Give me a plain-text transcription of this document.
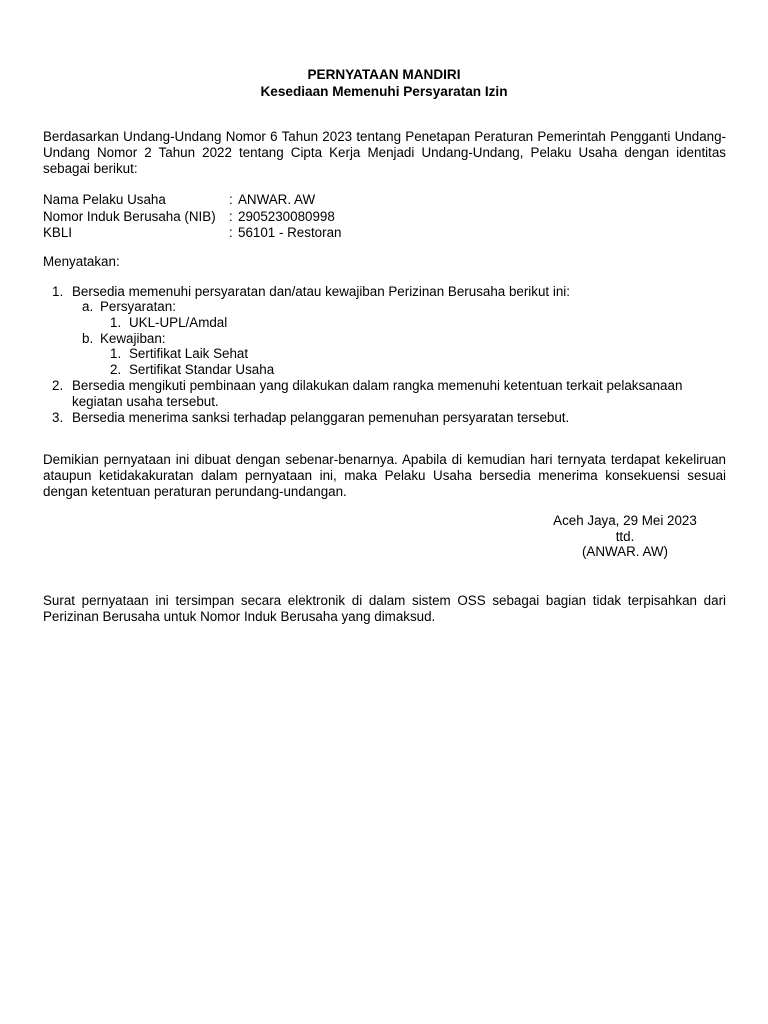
PERNYATAAN MANDIRI
Kesediaan Memenuhi Persyaratan Izin
Berdasarkan Undang-Undang Nomor 6 Tahun 2023 tentang Penetapan Peraturan Pemerintah Pengganti Undang-Undang Nomor 2 Tahun 2022 tentang Cipta Kerja Menjadi Undang-Undang, Pelaku Usaha dengan identitas sebagai berikut:
Nama Pelaku Usaha	: ANWAR. AW
Nomor Induk Berusaha (NIB) : 2905230080998
KBLI	: 56101 - Restoran
Menyatakan:
1. Bersedia memenuhi persyaratan dan/atau kewajiban Perizinan Berusaha berikut ini:
a. Persyaratan:
1. UKL-UPL/Amdal
b. Kewajiban:
1. Sertifikat Laik Sehat
2. Sertifikat Standar Usaha
2. Bersedia mengikuti pembinaan yang dilakukan dalam rangka memenuhi ketentuan terkait pelaksanaan
kegiatan usaha tersebut.
3. Bersedia menerima sanksi terhadap pelanggaran pemenuhan persyaratan tersebut.
Demikian pernyataan ini dibuat dengan sebenar-benarnya. Apabila di kemudian hari ternyata terdapat kekeliruan ataupun ketidakakuratan dalam pernyataan ini, maka Pelaku Usaha bersedia menerima konsekuensi sesuai dengan ketentuan peraturan perundang-undangan.
Aceh Jaya, 29 Mei 2023
ttd.
(ANWAR. AW)
Surat pernyataan ini tersimpan secara elektronik di dalam sistem OSS sebagai bagian tidak terpisahkan dari Perizinan Berusaha untuk Nomor Induk Berusaha yang dimaksud.
